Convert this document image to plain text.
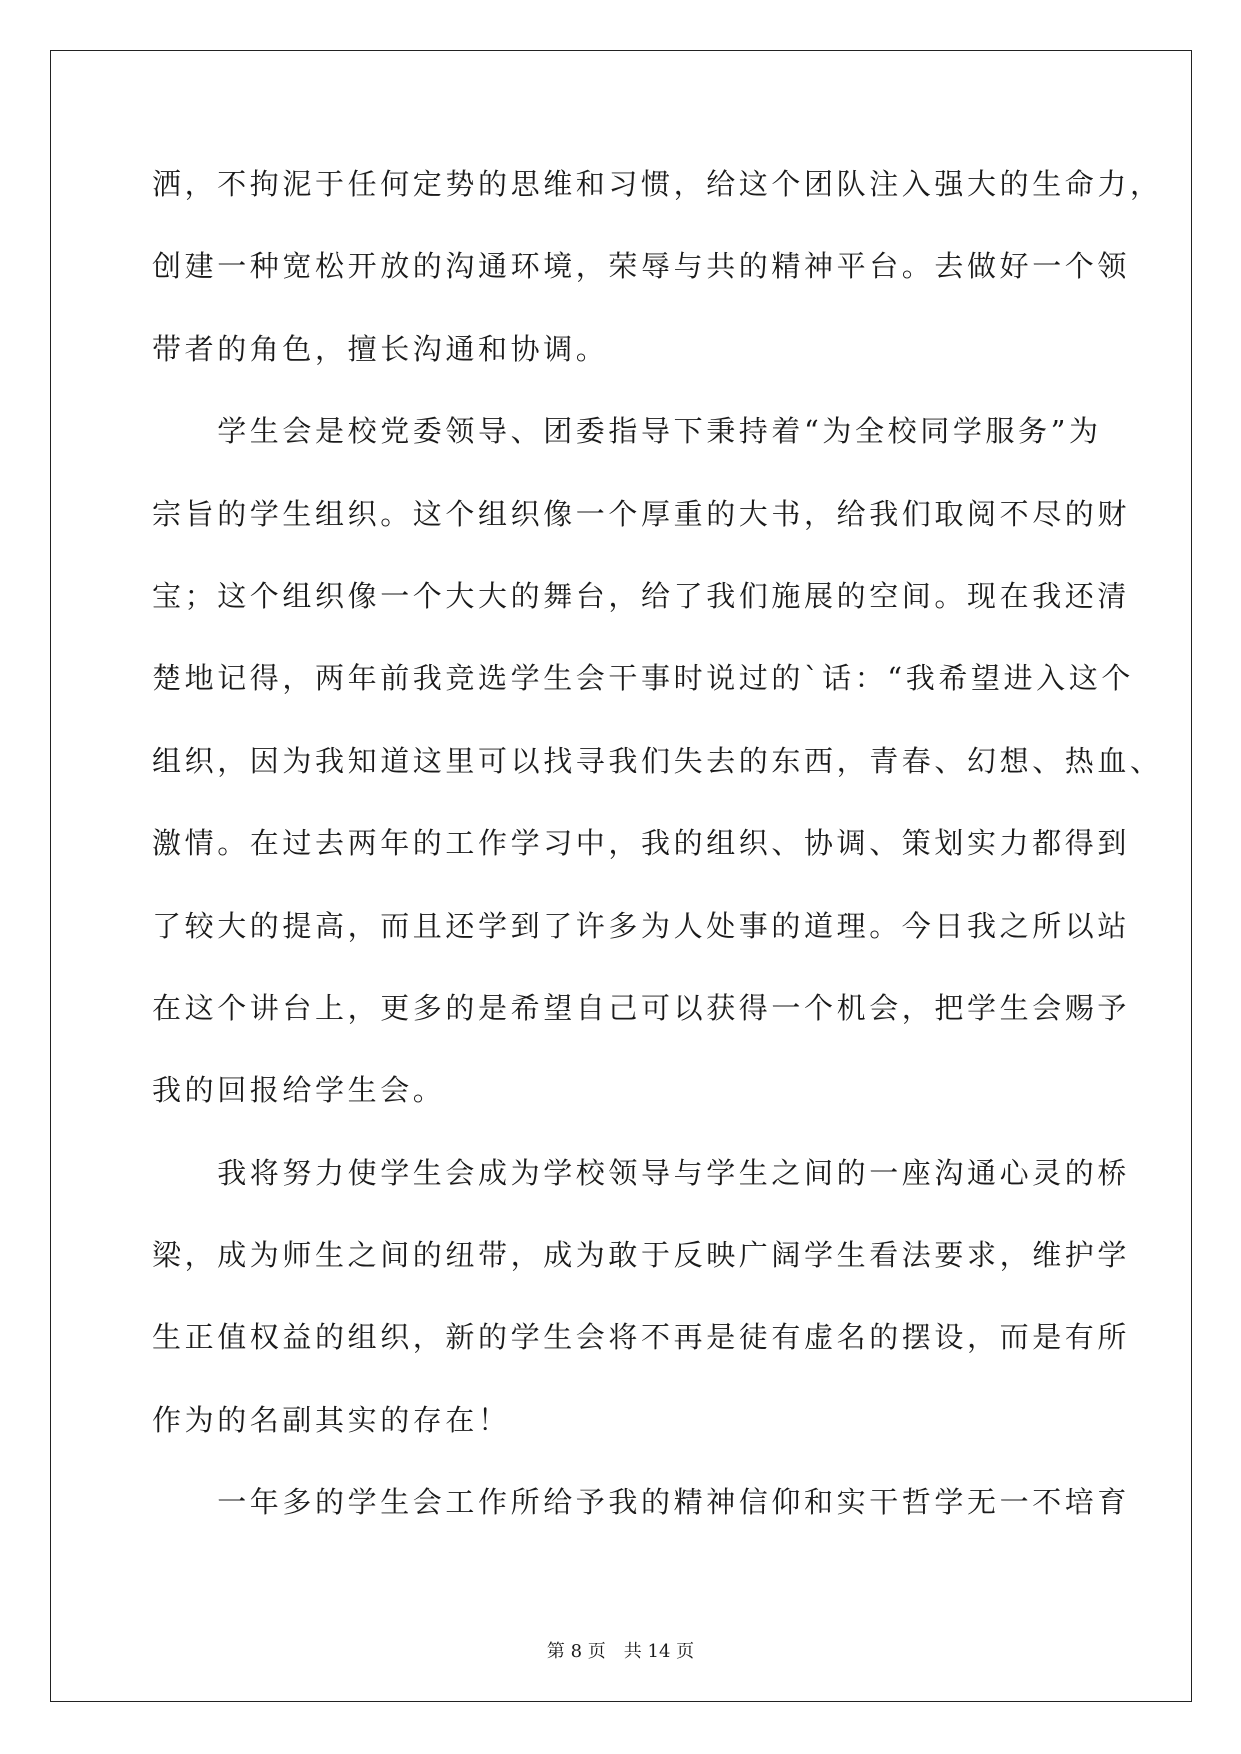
洒，不拘泥于任何定势的思维和习惯，给这个团队注入强大的生命力，
创建一种宽松开放的沟通环境，荣辱与共的精神平台。去做好一个领
带者的角色，擅长沟通和协调。
　　学生会是校党委领导、团委指导下秉持着“为全校同学服务”为
宗旨的学生组织。这个组织像一个厚重的大书，给我们取阅不尽的财
宝；这个组织像一个大大的舞台，给了我们施展的空间。现在我还清
楚地记得，两年前我竞选学生会干事时说过的`话：“我希望进入这个
组织，因为我知道这里可以找寻我们失去的东西，青春、幻想、热血、
激情。在过去两年的工作学习中，我的组织、协调、策划实力都得到
了较大的提高，而且还学到了许多为人处事的道理。今日我之所以站
在这个讲台上，更多的是希望自己可以获得一个机会，把学生会赐予
我的回报给学生会。
　　我将努力使学生会成为学校领导与学生之间的一座沟通心灵的桥
梁，成为师生之间的纽带，成为敢于反映广阔学生看法要求，维护学
生正值权益的组织，新的学生会将不再是徒有虚名的摆设，而是有所
作为的名副其实的存在！
　　一年多的学生会工作所给予我的精神信仰和实干哲学无一不培育
第 8 页　共 14 页
